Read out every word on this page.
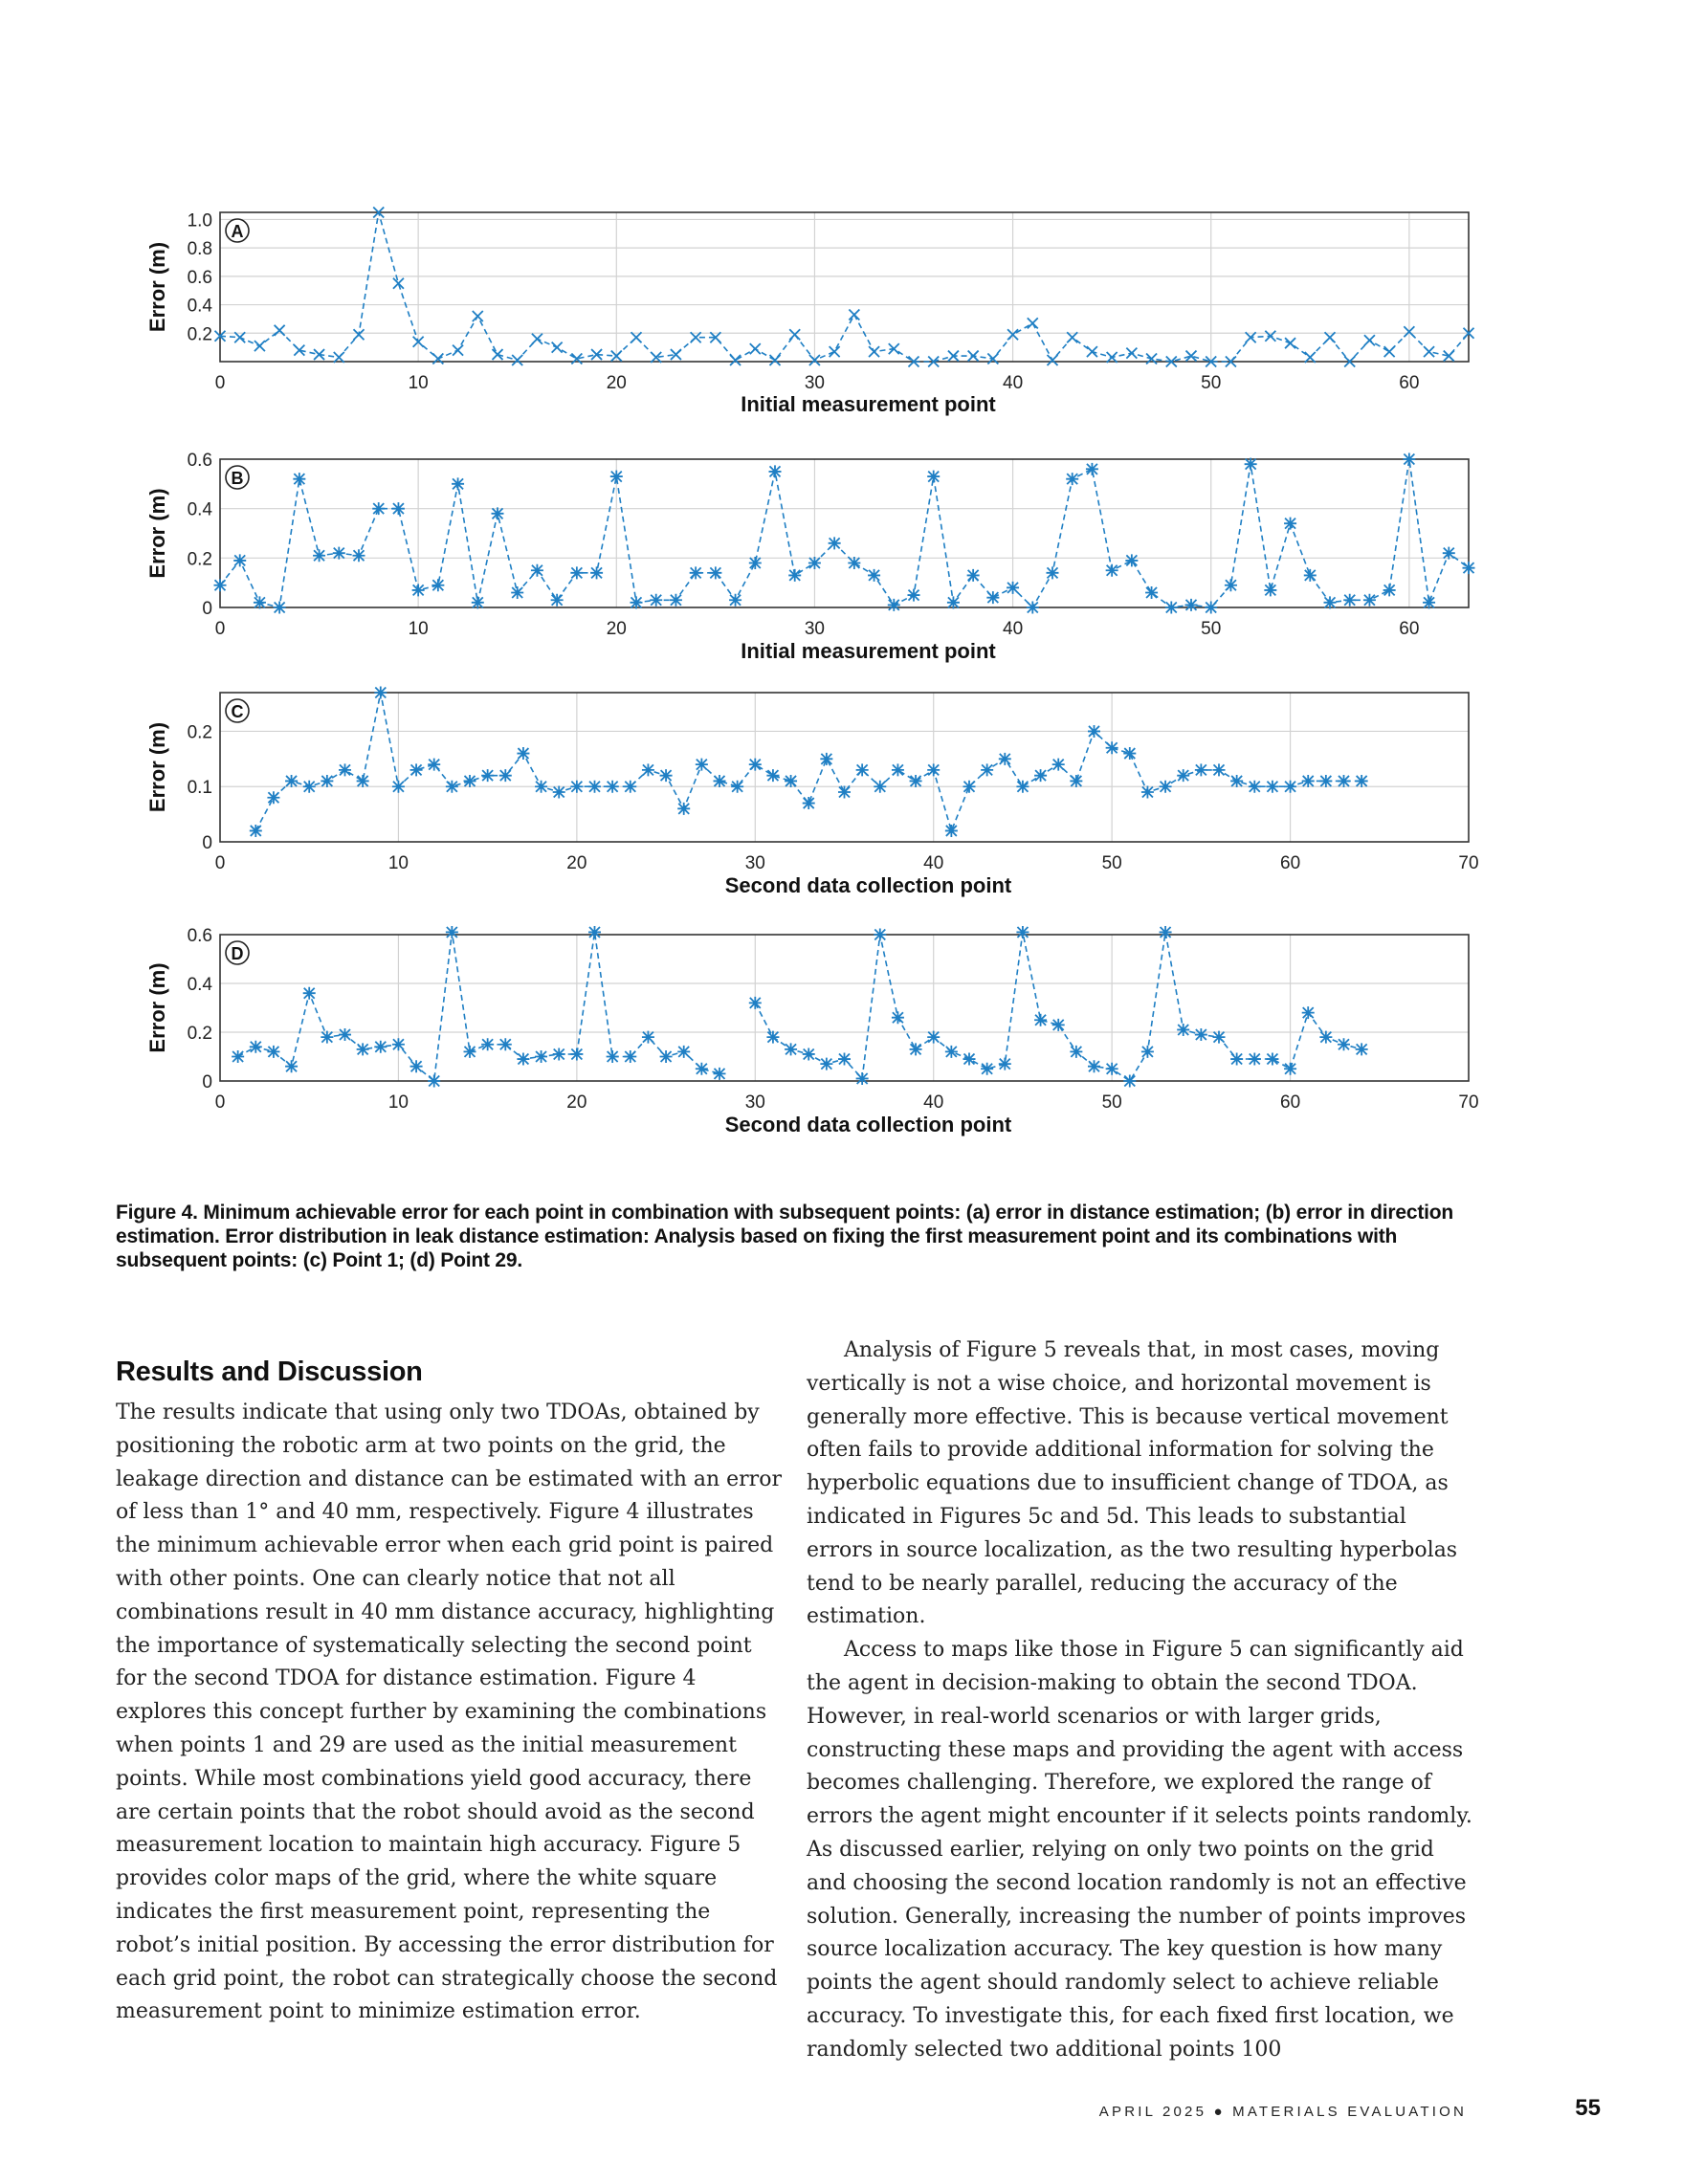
0	10	20	30	40	50	60
0.2
0.4
0.6
0.8
1.0
Initial measurement point
Error (m)
A
0	10	20	30	40	50	60
0
0.2
0.4
0.6
Initial measurement point
Error (m)
B
0	10	20	30	40	50	60	70
0
0.1
0.2
Second data collection point
Error (m)
C
0	10	20	30	40	50	60	70
0
0.2
0.4
0.6
Second data collection point
Error (m)
D
Figure 4. Minimum achievable error for each point in combination with subsequent points: (a) error in distance estimation; (b) error in direction estimation. Error distribution in leak distance estimation: Analysis based on fixing the first measurement point and its combinations with subsequent points: (c) Point 1; (d) Point 29.
Results and Discussion

The results indicate that using only two TDOAs, obtained by positioning the robotic arm at two points on the grid, the leakage direction and distance can be estimated with an error of less than 1° and 40 mm, respectively. Figure 4 illustrates the minimum achievable error when each grid point is paired with other points. One can clearly notice that not all combinations result in 40 mm distance accuracy, highlighting the importance of systematically selecting the second point for the second TDOA for distance estimation. Figure 4 explores this concept further by examining the combinations when points 1 and 29 are used as the initial measurement points. While most combinations yield good accuracy, there are certain points that the robot should avoid as the second measurement location to maintain high accuracy. Figure 5 provides color maps of the grid, where the white square indicates the first measurement point, representing the robot’s initial position. By accessing the error distribution for each grid point, the robot can strategically choose the second measurement point to minimize estimation error.

Analysis of Figure 5 reveals that, in most cases, moving vertically is not a wise choice, and horizontal movement is generally more effective. This is because vertical movement often fails to provide additional information for solving the hyperbolic equations due to insufficient change of TDOA, as indicated in Figures 5c and 5d. This leads to substantial errors in source localization, as the two resulting hyperbolas tend to be nearly parallel, reducing the accuracy of the estimation.

Access to maps like those in Figure 5 can significantly aid the agent in decision-making to obtain the second TDOA. However, in real-world scenarios or with larger grids, constructing these maps and providing the agent with access becomes challenging. Therefore, we explored the range of errors the agent might encounter if it selects points randomly. As discussed earlier, relying on only two points on the grid and choosing the second location randomly is not an effective solution. Generally, increasing the number of points improves source localization accuracy. The key question is how many points the agent should randomly select to achieve reliable accuracy. To investigate this, for each fixed first location, we randomly selected two additional points 100

APRIL 2025 ● MATERIALS EVALUATION	55
